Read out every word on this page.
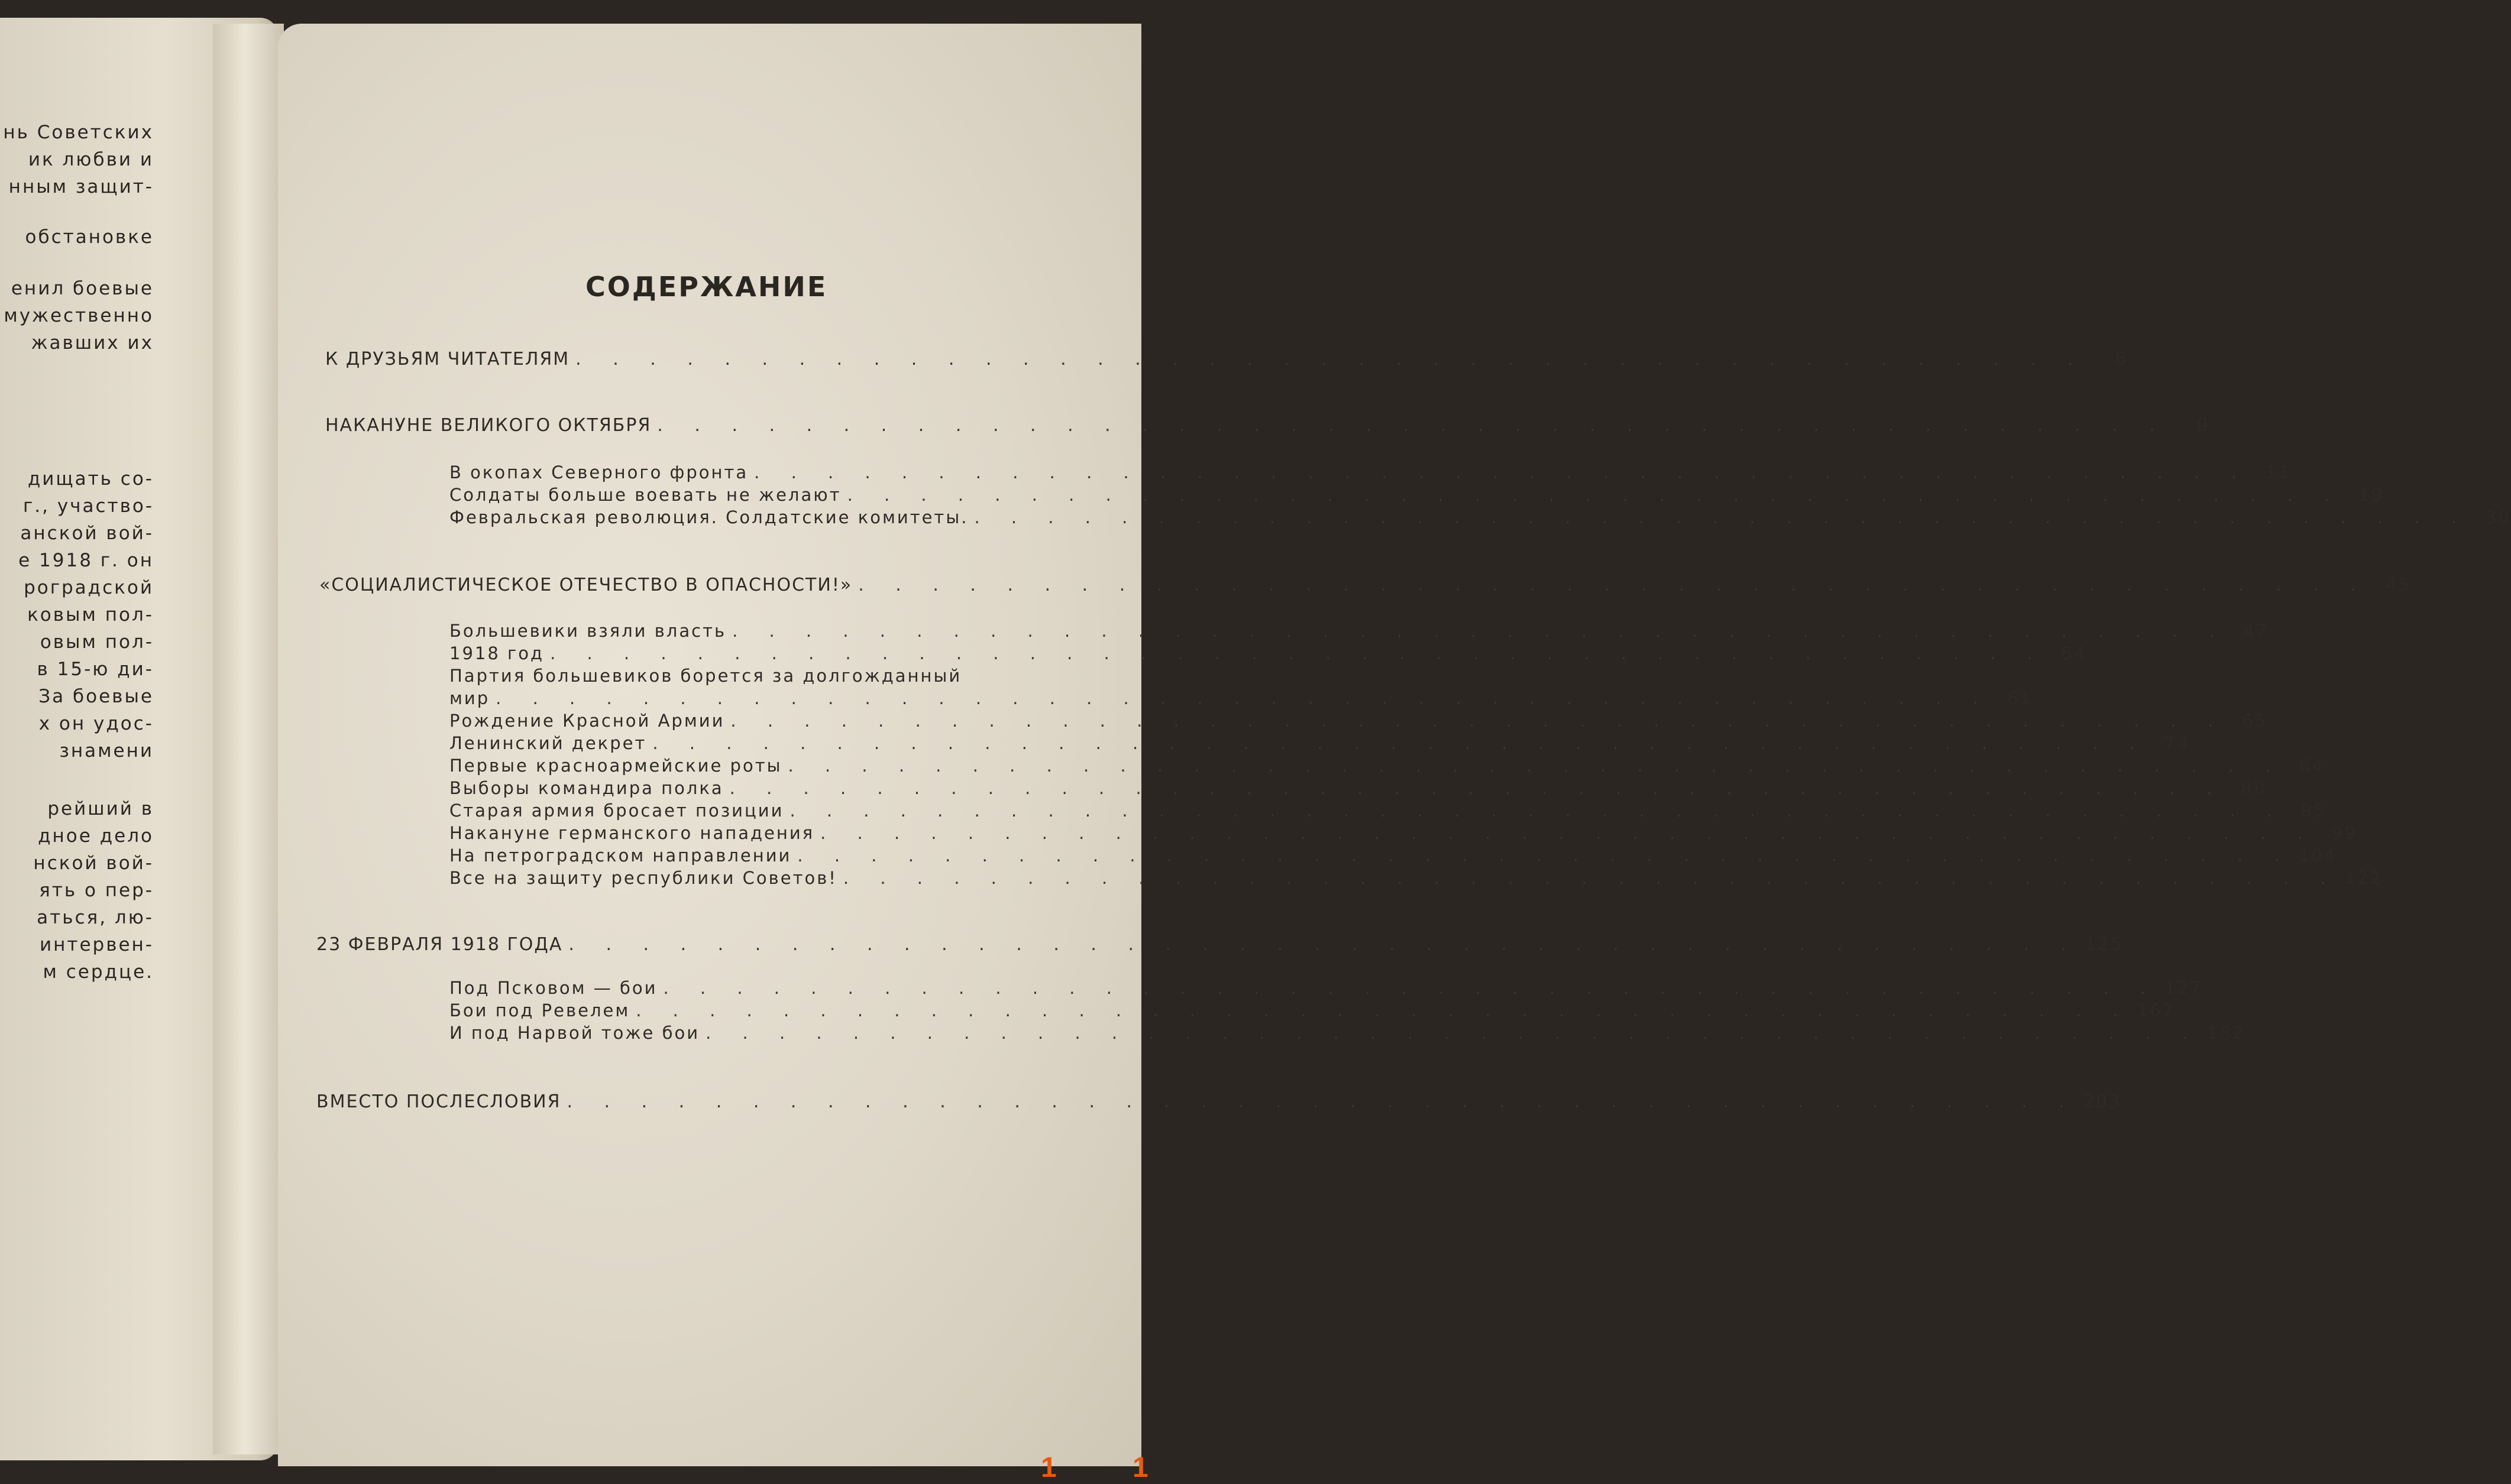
нь Советских
ик любви и
нным защит-
обстановке
енил боевые
мужественно
жавших их
дищать со-
г., участво-
анской вой-
е 1918 г. он
роградской
ковым пол-
овым пол-
в 15-ю ди-
За боевые
х он удос-
знамени
рейший в
дное дело
нской вой-
ять о пер-
аться, лю-
интервен-
м сердце.
СОДЕРЖАНИЕ
К ДРУЗЬЯМ ЧИТАТЕЛЯМ . . . . . . . . . . . . . . . . . . . . . . . . . . . . . . . . . . . . . . . . .	6
НАКАНУНЕ ВЕЛИКОГО ОКТЯБРЯ . . . . . . . . . . . . . . . . . . . . . . . . . . . . . . . . . . . . . . . . .	9
В окопах Северного фронта . . . . . . . . . . . . . . . . . . . . . . . . . . . . . . . . . . . . . . . . . 11
Солдаты больше воевать не желают . . . . . . . . . . . . . . . . . . . . . . . . . . . . . . . . . . . . . . . . . 19
Февральская революция. Солдатские комитеты. . . . . . . . . . . . . . . . . . . . . . . . . . . . . . . . . . . . . . . . . . 30
«СОЦИАЛИСТИЧЕСКОЕ ОТЕЧЕСТВО В ОПАСНОСТИ!» . . . . . . . . . . . . . . . . . . . . . . . . . . . . . . . . . . . . . . . . . 45
Большевики взяли власть . . . . . . . . . . . . . . . . . . . . . . . . . . . . . . . . . . . . . . . . . 47
1918 год . . . . . . . . . . . . . . . . . . . . . . . . . . . . . . . . . . . . . . . . . 54
Партия большевиков борется за долгожданный
мир . . . . . . . . . . . . . . . . . . . . . . . . . . . . . . . . . . . . . . . . . 61
Рождение Красной Армии . . . . . . . . . . . . . . . . . . . . . . . . . . . . . . . . . . . . . . . . . 65
Ленинский декрет . . . . . . . . . . . . . . . . . . . . . . . . . . . . . . . . . . . . . . . . . 74
Первые красноармейские роты . . . . . . . . . . . . . . . . . . . . . . . . . . . . . . . . . . . . . . . . . 84
Выборы командира полка . . . . . . . . . . . . . . . . . . . . . . . . . . . . . . . . . . . . . . . . . 88
Старая армия бросает позиции . . . . . . . . . . . . . . . . . . . . . . . . . . . . . . . . . . . . . . . . . 95
Накануне германского нападения . . . . . . . . . . . . . . . . . . . . . . . . . . . . . . . . . . . . . . . . . 99
На петроградском направлении . . . . . . . . . . . . . . . . . . . . . . . . . . . . . . . . . . . . . . . . . 104
Все на защиту республики Советов! . . . . . . . . . . . . . . . . . . . . . . . . . . . . . . . . . . . . . . . . . 122
23 ФЕВРАЛЯ 1918 ГОДА . . . . . . . . . . . . . . . . . . . . . . . . . . . . . . . . . . . . . . . . . 125
Под Псковом — бои . . . . . . . . . . . . . . . . . . . . . . . . . . . . . . . . . . . . . . . . . 127
Бои под Ревелем . . . . . . . . . . . . . . . . . . . . . . . . . . . . . . . . . . . . . . . . . 167
И под Нарвой тоже бои . . . . . . . . . . . . . . . . . . . . . . . . . . . . . . . . . . . . . . . . . 182
ВМЕСТО ПОСЛЕСЛОВИЯ . . . . . . . . . . . . . . . . . . . . . . . . . . . . . . . . . . . . . . . . . 203
1	1
